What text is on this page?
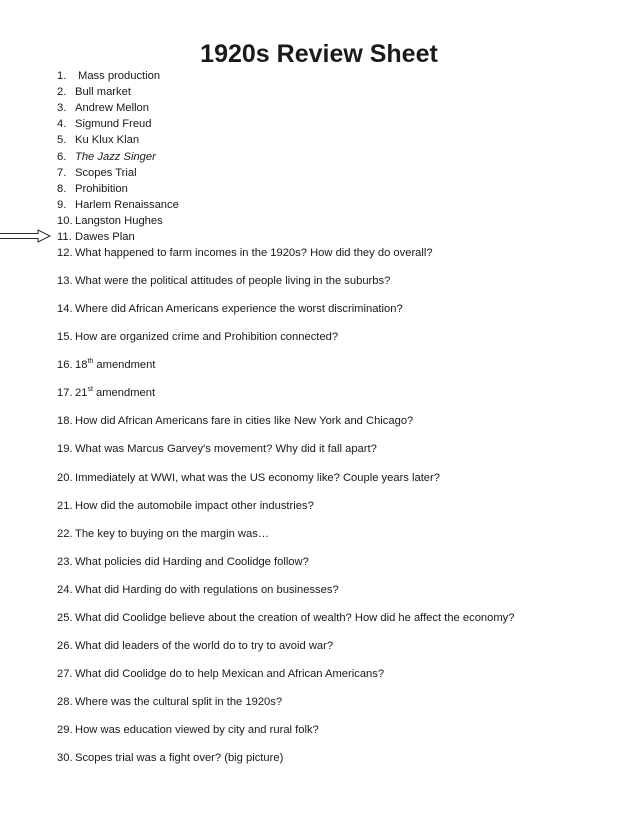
1920s Review Sheet
1. Mass production
2. Bull market
3. Andrew Mellon
4. Sigmund Freud
5. Ku Klux Klan
6. The Jazz Singer
7. Scopes Trial
8. Prohibition
9. Harlem Renaissance
10. Langston Hughes
11. Dawes Plan
12. What happened to farm incomes in the 1920s? How did they do overall?
13. What were the political attitudes of people living in the suburbs?
14. Where did African Americans experience the worst discrimination?
15. How are organized crime and Prohibition connected?
16. 18th amendment
17. 21st amendment
18. How did African Americans fare in cities like New York and Chicago?
19. What was Marcus Garvey's movement? Why did it fall apart?
20. Immediately at WWI, what was the US economy like? Couple years later?
21. How did the automobile impact other industries?
22. The key to buying on the margin was…
23. What policies did Harding and Coolidge follow?
24. What did Harding do with regulations on businesses?
25. What did Coolidge believe about the creation of wealth? How did he affect the economy?
26. What did leaders of the world do to try to avoid war?
27. What did Coolidge do to help Mexican and African Americans?
28. Where was the cultural split in the 1920s?
29. How was education viewed by city and rural folk?
30. Scopes trial was a fight over? (big picture)
